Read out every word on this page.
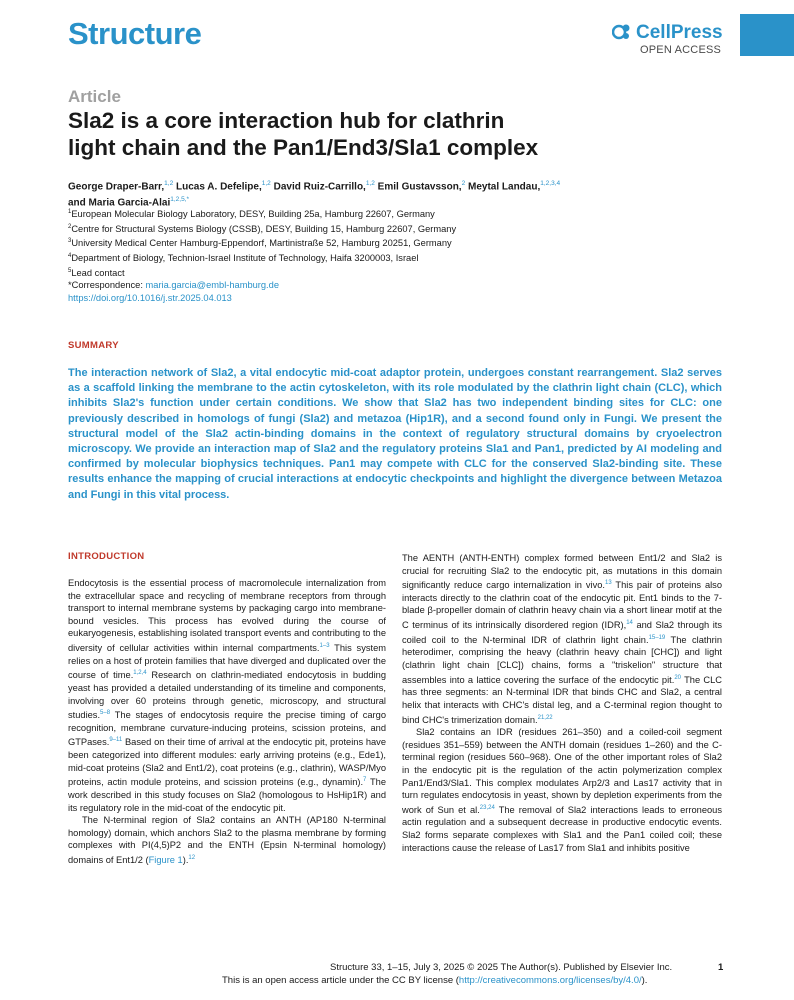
Structure	CellPress
OPEN ACCESS
Article
Sla2 is a core interaction hub for clathrin
light chain and the Pan1/End3/Sla1 complex
George Draper-Barr,$^{1,2}$ Lucas A. Defelipe,$^{1,2}$ David Ruiz-Carrillo,$^{1,2}$ Emil Gustavsson,$^2$ Meytal Landau,$^{1,2,3,4}$
and Maria Garcia-Alai$^{1,2,5,*}$
$^1$European Molecular Biology Laboratory, DESY, Building 25a, Hamburg 22607, Germany
$^2$Centre for Structural Systems Biology (CSSB), DESY, Building 15, Hamburg 22607, Germany
$^3$University Medical Center Hamburg-Eppendorf, Martinistraße 52, Hamburg 20251, Germany
$^4$Department of Biology, Technion-Israel Institute of Technology, Haifa 3200003, Israel
$^5$Lead contact
*Correspondence: maria.garcia@embl-hamburg.de
https://doi.org/10.1016/j.str.2025.04.013
SUMMARY
The interaction network of Sla2, a vital endocytic mid-coat adaptor protein, undergoes constant rearrangement. Sla2 serves as a scaffold linking the membrane to the actin cytoskeleton, with its role modulated by the clathrin light chain (CLC), which inhibits Sla2's function under certain conditions. We show that Sla2 has two independent binding sites for CLC: one previously described in homologs of fungi (Sla2) and metazoa (Hip1R), and a second found only in Fungi. We present the structural model of the Sla2 actin-binding domains in the context of regulatory structural domains by cryoelectron microscopy. We provide an interaction map of Sla2 and the regulatory proteins Sla1 and Pan1, predicted by AI modeling and confirmed by molecular biophysics techniques. Pan1 may compete with CLC for the conserved Sla2-binding site. These results enhance the mapping of crucial interactions at endocytic checkpoints and highlight the divergence between Metazoa and Fungi in this vital process.
INTRODUCTION

Endocytosis is the essential process of macromolecule internalization from the extracellular space and recycling of membrane receptors from through transport to internal membrane systems by packaging cargo into membrane-bound vesicles. This process has evolved during the course of eukaryogenesis, establishing isolated transport events and contributing to the diversity of cellular activities within internal compartments.$^{1-3}$ This system relies on a host of protein families that have diverged and duplicated over the course of time.$^{1,2,4}$ Research on clathrin-mediated endocytosis in budding yeast has provided a detailed understanding of its timeline and components, involving over 60 proteins through genetic, microscopy, and structural studies.$^{5-8}$ The stages of endocytosis require the precise timing of cargo recognition, membrane curvature-inducing proteins, scission proteins, and GTPases.$^{9-11}$ Based on their time of arrival at the endocytic pit, proteins have been categorized into different modules: early arriving proteins (e.g., Ede1), mid-coat proteins (Sla2 and Ent1/2), coat proteins (e.g., clathrin), WASP/Myo proteins, actin module proteins, and scission proteins (e.g., dynamin).$^7$ The work described in this study focuses on Sla2 (homologous to HsHip1R) and its regulatory role in the mid-coat of the endocytic pit.

The N-terminal region of Sla2 contains an ANTH (AP180 N-terminal homology) domain, which anchors Sla2 to the plasma membrane by forming complexes with PI(4,5)P2 and the ENTH (Epsin N-terminal homology) domains of Ent1/2 (Figure 1).$^{12}$

The AENTH (ANTH-ENTH) complex formed between Ent1/2 and Sla2 is crucial for recruiting Sla2 to the endocytic pit, as mutations in this domain significantly reduce cargo internalization in vivo.$^{13}$ This pair of proteins also interacts directly to the clathrin coat of the endocytic pit. Ent1 binds to the 7-blade β-propeller domain of clathrin heavy chain via a short linear motif at the C terminus of its intrinsically disordered region (IDR),$^{14}$ and Sla2 through its coiled coil to the N-terminal IDR of clathrin light chain.$^{15-19}$ The clathrin heterodimer, comprising the heavy (clathrin heavy chain [CHC]) and light (clathrin light chain [CLC]) chains, forms a "triskelion" structure that assembles into a lattice covering the surface of the endocytic pit.$^{20}$ The CLC has three segments: an N-terminal IDR that binds CHC and Sla2, a central helix that interacts with CHC's distal leg, and a C-terminal region thought to bind CHC's trimerization domain.$^{21,22}$

Sla2 contains an IDR (residues 261–350) and a coiled-coil segment (residues 351–559) between the ANTH domain (residues 1–260) and the C-terminal region (residues 560–968). One of the other important roles of Sla2 in the endocytic pit is the regulation of the actin polymerization complex Pan1/End3/Sla1. This complex modulates Arp2/3 and Las17 activity that in turn regulates endocytosis in yeast, shown by depletion experiments from the work of Sun et al.$^{23,24}$ The removal of Sla2 interactions leads to erroneous actin regulation and a subsequent decrease in productive endocytic events. Sla2 forms separate complexes with Sla1 and the Pan1 coiled coil; these interactions cause the release of Las17 from Sla1 and inhibits positive

Structure 33, 1–15, July 3, 2025 © 2025 The Author(s). Published by Elsevier Inc.	1
This is an open access article under the CC BY license (http://creativecommons.org/licenses/by/4.0/).
